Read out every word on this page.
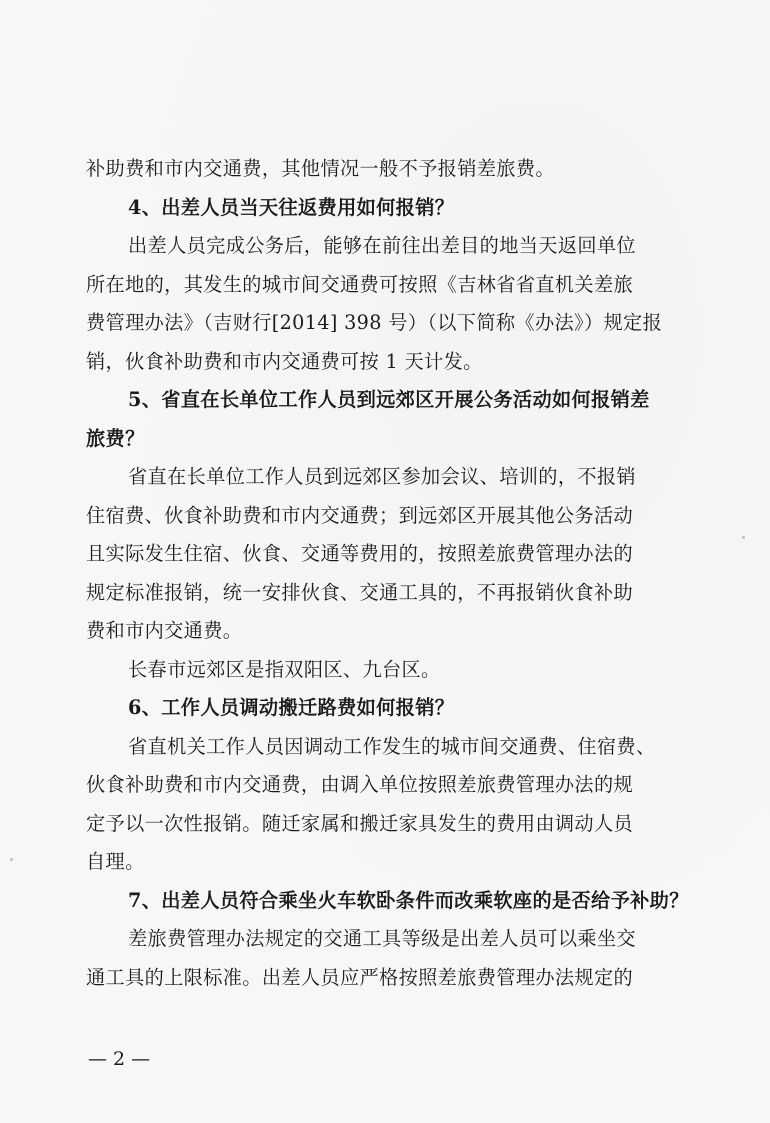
补助费和市内交通费，其他情况一般不予报销差旅费。
4、出差人员当天往返费用如何报销？
出差人员完成公务后，能够在前往出差目的地当天返回单位
所在地的，其发生的城市间交通费可按照《吉林省省直机关差旅
费管理办法》（吉财行[2014] 398 号）（以下简称《办法》）规定报
销，伙食补助费和市内交通费可按 1 天计发。
5、省直在长单位工作人员到远郊区开展公务活动如何报销差
旅费？
省直在长单位工作人员到远郊区参加会议、培训的，不报销
住宿费、伙食补助费和市内交通费；到远郊区开展其他公务活动
且实际发生住宿、伙食、交通等费用的，按照差旅费管理办法的
规定标准报销，统一安排伙食、交通工具的，不再报销伙食补助
费和市内交通费。
长春市远郊区是指双阳区、九台区。
6、工作人员调动搬迁路费如何报销？
省直机关工作人员因调动工作发生的城市间交通费、住宿费、
伙食补助费和市内交通费，由调入单位按照差旅费管理办法的规
定予以一次性报销。随迁家属和搬迁家具发生的费用由调动人员
自理。
7、出差人员符合乘坐火车软卧条件而改乘软座的是否给予补助？
差旅费管理办法规定的交通工具等级是出差人员可以乘坐交
通工具的上限标准。出差人员应严格按照差旅费管理办法规定的
— 2 —
